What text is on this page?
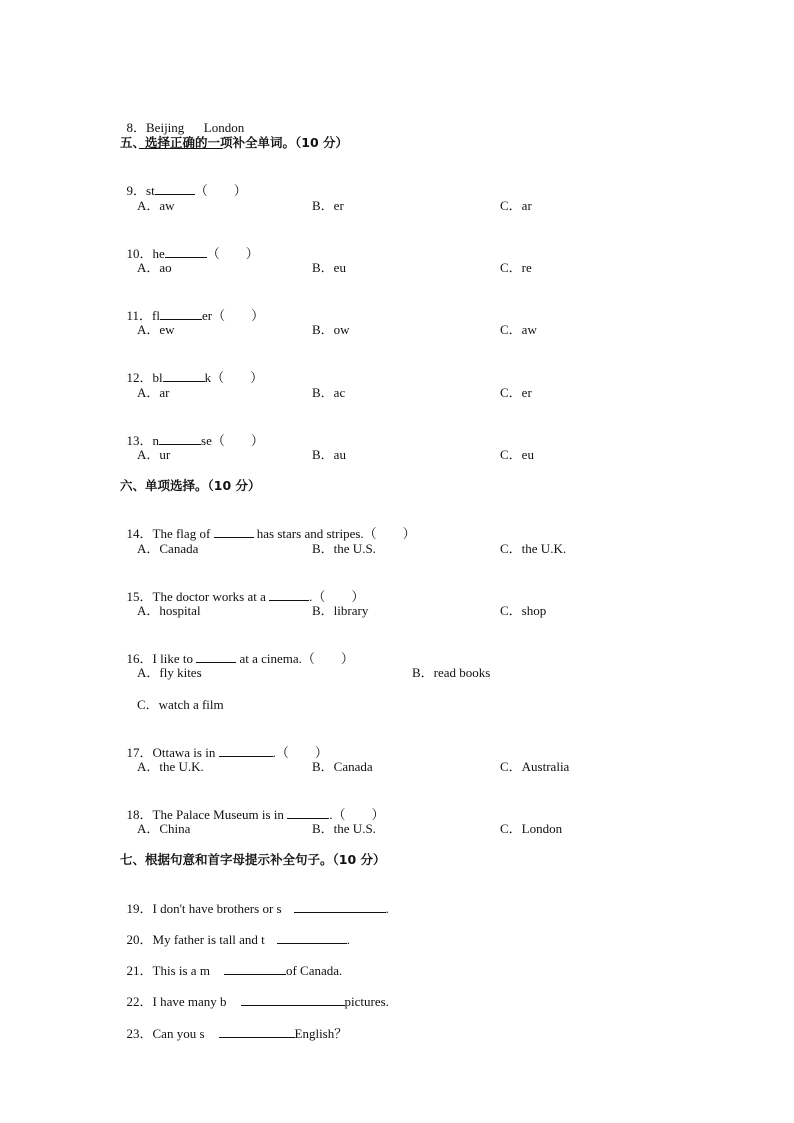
8．Beijing      London

五、选择正确的一项补全单词。（10 分）

9．st	（        ）

A．aw	B．er	C．ar

10．he	（        ）

A．ao	B．eu	C．re

11．fl	er（        ）

A．ew	B．ow	C．aw

12．bl	k（        ）

A．ar	B．ac	C．er

13．n	se（        ）

A．ur	B．au	C．eu
六、单项选择。（10 分）

14．The flag of	has stars and stripes.（        ）

A．Canada	B．the U.S.	C．the U.K.

15．The doctor works at a	.（        ）

A．hospital	B．library	C．shop

16．I like to	at a cinema.（        ）

A．fly kites	B．read books
C．watch a film

17．Ottawa is in	.（        ）

A．the U.K.	B．Canada	C．Australia

18．The Palace Museum is in	.（        ）

A．China	B．the U.S.	C．London
七、根据句意和首字母提示补全句子。（10 分）

19．I don't have brothers or s	.

20．My father is tall and t	.

21．This is a m	of Canada.

22．I have many b	pictures.

23．Can you s	English？
